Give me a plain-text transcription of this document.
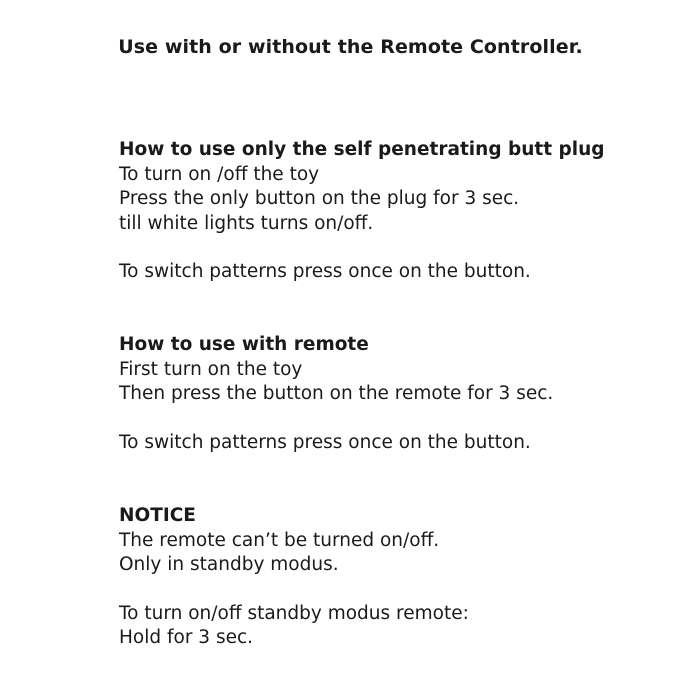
Use with or without the Remote Controller.
How to use only the self penetrating butt plug
To turn on /off the toy
Press the only button on the plug for 3 sec.
till white lights turns on/off.
To switch patterns press once on the button.
How to use with remote
First turn on the toy
Then press the button on the remote for 3 sec.
To switch patterns press once on the button.
NOTICE
The remote can’t be turned on/off.
Only in standby modus.
To turn on/off standby modus remote:
Hold for 3 sec.
